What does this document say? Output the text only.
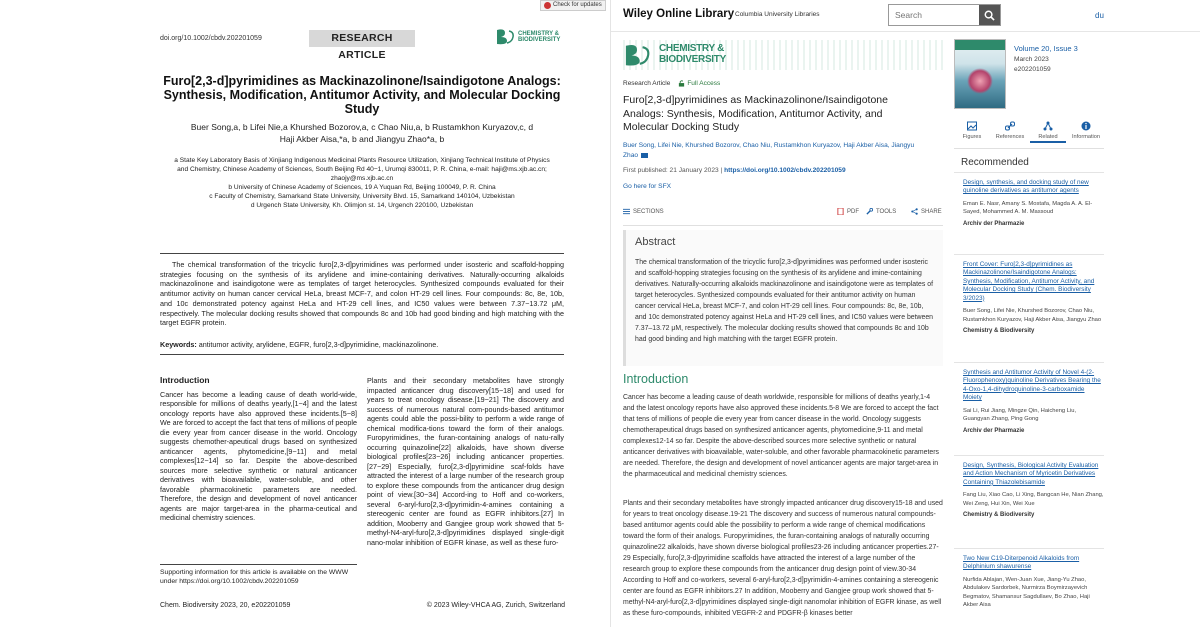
Check for updates
doi.org/10.1002/cbdv.202201059	RESEARCH ARTICLE
CHEMISTRY &
BIODIVERSITY
Furo[2,3-d]pyrimidines as Mackinazolinone/Isaindigotone Analogs: Synthesis, Modification, Antitumor Activity, and Molecular Docking Study
Buer Song,a, b Lifei Nie,a Khurshed Bozorov,a, c Chao Niu,a, b Rustamkhon Kuryazov,c, d
Haji Akber Aisa,*a, b and Jiangyu Zhao*a, b
a State Key Laboratory Basis of Xinjiang Indigenous Medicinal Plants Resource Utilization, Xinjiang Technical Institute of Physics and Chemistry, Chinese Academy of Sciences, South Beijing Rd 40−1, Urumqi 830011, P. R. China, e-mail: haji@ms.xjb.ac.cn; zhaojy@ms.xjb.ac.cn
b University of Chinese Academy of Sciences, 19 A Yuquan Rd, Beijing 100049, P. R. China
c Faculty of Chemistry, Samarkand State University, University Blvd. 15, Samarkand 140104, Uzbekistan
d Urgench State University, Kh. Olimjon st. 14, Urgench 220100, Uzbekistan
The chemical transformation of the tricyclic furo[2,3-d]pyrimidines was performed under isosteric and scaffold-hopping strategies focusing on the synthesis of its arylidene and imine-containing derivatives. Naturally-occurring alkaloids mackinazolinone and isaindigotone were as templates of target heterocycles. Synthesized compounds evaluated for their antitumor activity on human cancer cervical HeLa, breast MCF-7, and colon HT-29 cell lines. Four compounds: 8c, 8e, 10b, and 10c demonstrated potency against HeLa and HT-29 cell lines, and IC50 values were between 7.37−13.72 μM, respectively. The molecular docking results showed that compounds 8c and 10b had good binding and high matching with the target EGFR protein.
Keywords: antitumor activity, arylidene, EGFR, furo[2,3-d]pyrimidine, mackinazolinone.
Introduction

Cancer has become a leading cause of death world-wide, responsible for millions of deaths yearly,[1−4] and the latest oncology reports have also approved these incidents.[5−8] We are forced to accept the fact that tens of millions of people die every year from cancer disease in the world. Oncology suggests chemother-apeutical drugs based on synthesized anticancer agents, phytomedicine,[9−11] and metal complexes[12−14] so far. Despite the above-described sources more selective synthetic or natural anticancer derivatives with bioavailable, water-soluble, and other favorable pharmacokinetic parameters are needed. Therefore, the design and development of novel anticancer agents are major target-area in the pharma-ceutical and medicinal chemistry sciences.

Plants and their secondary metabolites have strongly impacted anticancer drug discovery[15−18] and used for years to treat oncology disease.[19−21] The discovery and success of numerous natural com-pounds-based antitumor agents could able the possi-bility to perform a wide range of chemical modifica-tions toward the form of their analogs. Furopyrimidines, the furan-containing analogs of natu-rally occurring quinazoline[22] alkaloids, have shown diverse biological profiles[23−26] including anticancer properties.[27−29] Especially, furo[2,3-d]pyrimidine scaf-folds have attracted the interest of a large number of the research group to explore these compounds from the anticancer drug design point of view.[30−34] Accord-ing to Hoff and co-workers, several 6-aryl-furo[2,3-d]pyrimidin-4-amines containing a stereogenic center are found as EGFR inhibitors.[27] In addition, Mooberry and Gangjee group work showed that 5-methyl-N4-aryl-furo[2,3-d]pyrimidines displayed single-digit nano-molar inhibition of EGFR kinase, as well as these furo-

Supporting information for this article is available on the WWW under https://doi.org/10.1002/cbdv.202201059
Chem. Biodiversity 2023, 20, e202201059	© 2023 Wiley-VHCA AG, Zurich, Switzerland
Wiley Online Library Columbia University Libraries
Search	du
CHEMISTRY &
BIODIVERSITY
Research Article	Full Access
Furo[2,3-d]pyrimidines as Mackinazolinone/Isaindigotone Analogs: Synthesis, Modification, Antitumor Activity, and Molecular Docking Study
Buer Song, Lifei Nie, Khurshed Bozorov, Chao Niu, Rustamkhon Kuryazov, Haji Akber Aisa, Jiangyu Zhao
First published: 21 January 2023 | https://doi.org/10.1002/cbdv.202201059
Go here for SFX
SECTIONS	PDF	TOOLS	SHARE
Abstract

The chemical transformation of the tricyclic furo[2,3-d]pyrimidines was performed under isosteric and scaffold-hopping strategies focusing on the synthesis of its arylidene and imine-containing derivatives. Naturally-occurring alkaloids mackinazolinone and isaindigotone were as templates of target heterocycles. Synthesized compounds evaluated for their antitumor activity on human cancer cervical HeLa, breast MCF-7, and colon HT-29 cell lines. Four compounds: 8c, 8e, 10b, and 10c demonstrated potency against HeLa and HT-29 cell lines, and IC50 values were between 7.37–13.72 μM, respectively. The molecular docking results showed that compounds 8c and 10b had good binding and high matching with the target EGFR protein.

Introduction
Cancer has become a leading cause of death worldwide, responsible for millions of deaths yearly,1-4 and the latest oncology reports have also approved these incidents.5-8 We are forced to accept the fact that tens of millions of people die every year from cancer disease in the world. Oncology suggests chemotherapeutical drugs based on synthesized anticancer agents, phytomedicine,9-11 and metal complexes12-14 so far. Despite the above-described sources more selective synthetic or natural anticancer derivatives with bioavailable, water-soluble, and other favorable pharmacokinetic parameters are needed. Therefore, the design and development of novel anticancer agents are major target-area in the pharmaceutical and medicinal chemistry sciences.
Plants and their secondary metabolites have strongly impacted anticancer drug discovery15-18 and used for years to treat oncology disease.19-21 The discovery and success of numerous natural compounds-based antitumor agents could able the possibility to perform a wide range of chemical modifications toward the form of their analogs. Furopyrimidines, the furan-containing analogs of naturally occurring quinazoline22 alkaloids, have shown diverse biological profiles23-26 including anticancer properties.27-29 Especially, furo[2,3-d]pyrimidine scaffolds have attracted the interest of a large number of the research group to explore these compounds from the anticancer drug design point of view.30-34 According to Hoff and co-workers, several 6-aryl-furo[2,3-d]pyrimidin-4-amines containing a stereogenic center are found as EGFR inhibitors.27 In addition, Mooberry and Gangjee group work showed that 5-methyl-N4-aryl-furo[2,3-d]pyrimidines displayed single-digit nanomolar inhibition of EGFR kinase, as well as these furo-compounds, inhibited VEGFR-2 and PDGFR-β kinases better
Volume 20, Issue 3
March 2023
e202201059
Figures	References	Related	Information
Recommended
Design, synthesis, and docking study of new quinoline derivatives as antitumor agents
Eman E. Nasr, Amany S. Mostafa, Magda A. A. El‐Sayed, Mohammed A. M. Massoud
Archiv der Pharmazie
Front Cover: Furo[2,3‐d]pyrimidines as Mackinazolinone/Isaindigotone Analogs: Synthesis, Modification, Antitumor Activity, and Molecular Docking Study (Chem. Biodiversity 3/2023)
Buer Song, Lifei Nie, Khurshed Bozorov, Chao Niu, Rustamkhon Kuryazov, Haji Akber Aisa, Jiangyu Zhao
Chemistry & Biodiversity
Synthesis and Antitumor Activity of Novel 4‐(2‐Fluorophenoxy)quinoline Derivatives Bearing the 4‐Oxo‐1,4‐dihydroquinoline‐3‐carboxamide Moiety
Sai Li, Rui Jiang, Mingze Qin, Haicheng Liu, Guangyan Zhang, Ping Gong
Archiv der Pharmazie
Design, Synthesis, Biological Activity Evaluation and Action Mechanism of Myricetin Derivatives Containing Thiazolebisamide
Fang Liu, Xiao Cao, Li Xing, Bangcan He, Nian Zhang, Wei Zeng, Hui Xin, Wei Xue
Chemistry & Biodiversity
Two New C19‐Diterpenoid Alkaloids from Delphinium shawurense
Nurfida Ablajan, Wen‐Juan Xue, Jiang‐Yu Zhao, Abdulakev Sardorbek, Nurmirza Boymirzayevich Begmatov, Shamansur Sagdullaev, Bo Zhao, Haji Akber Aisa
